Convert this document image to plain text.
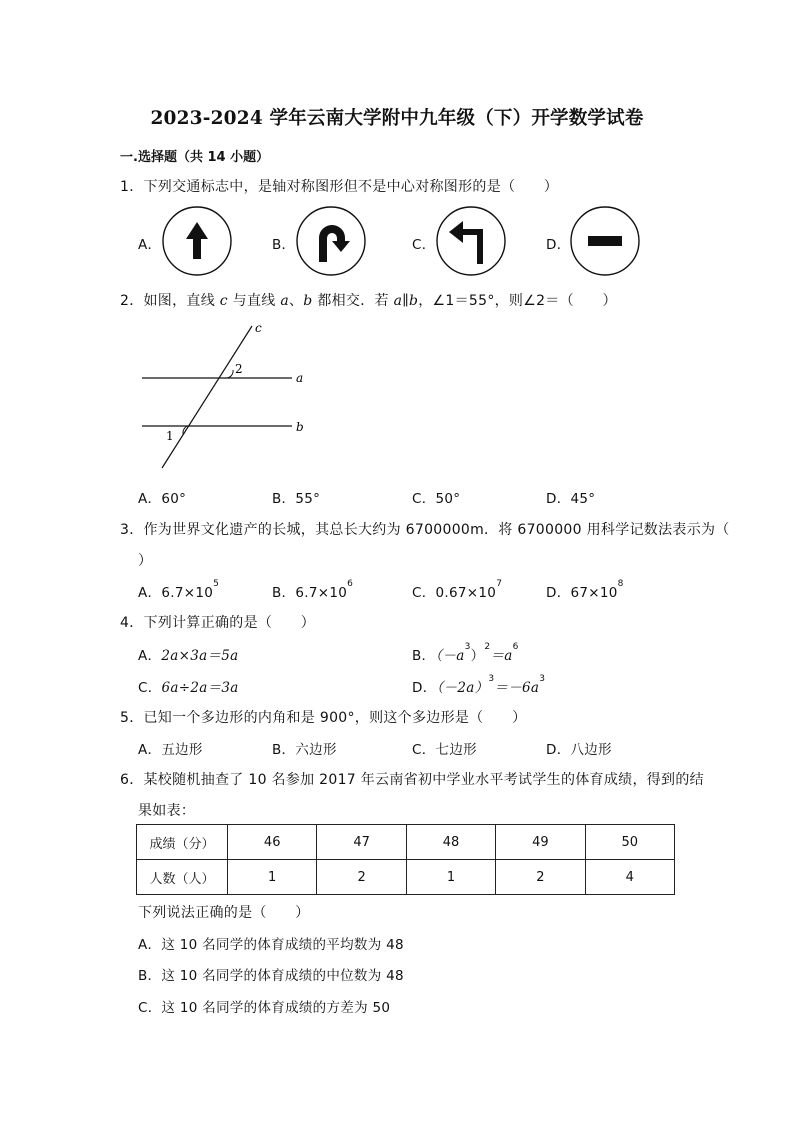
2023-2024 学年云南大学附中九年级（下）开学数学试卷
一.选择题（共 14 小题）
1．下列交通标志中，是轴对称图形但不是中心对称图形的是（　　）
A．	B．	C．	D．
2．如图，直线 c 与直线 a、b 都相交．若 a∥b，∠1＝55°，则∠2＝（　　）
c
a
b
2
1
A．60°	B．55°	C．50°	D．45°
3．作为世界文化遗产的长城，其总长大约为 6700000m．将 6700000 用科学记数法表示为（
）
A．$6.7\times 10^5$
B．$6.7\times 10^6$
C．$0.67\times 10^7$
D．$67\times 10^8$
4．下列计算正确的是（　　）
A．2a×3a＝5a	B．$(-a^3)^2=a^6$
C．6a÷2a＝3a	D．$(-2a)^3=-6a^3$
5．已知一个多边形的内角和是 900°，则这个多边形是（　　）
A．五边形	B．六边形	C．七边形	D．八边形
6．某校随机抽查了 10 名参加 2017 年云南省初中学业水平考试学生的体育成绩，得到的结
果如表：
成绩（分）	46	47	48	49	50
人数（人）	1	2	1	2	4
下列说法正确的是（　　）
A．这 10 名同学的体育成绩的平均数为 48
B．这 10 名同学的体育成绩的中位数为 48
C．这 10 名同学的体育成绩的方差为 50
